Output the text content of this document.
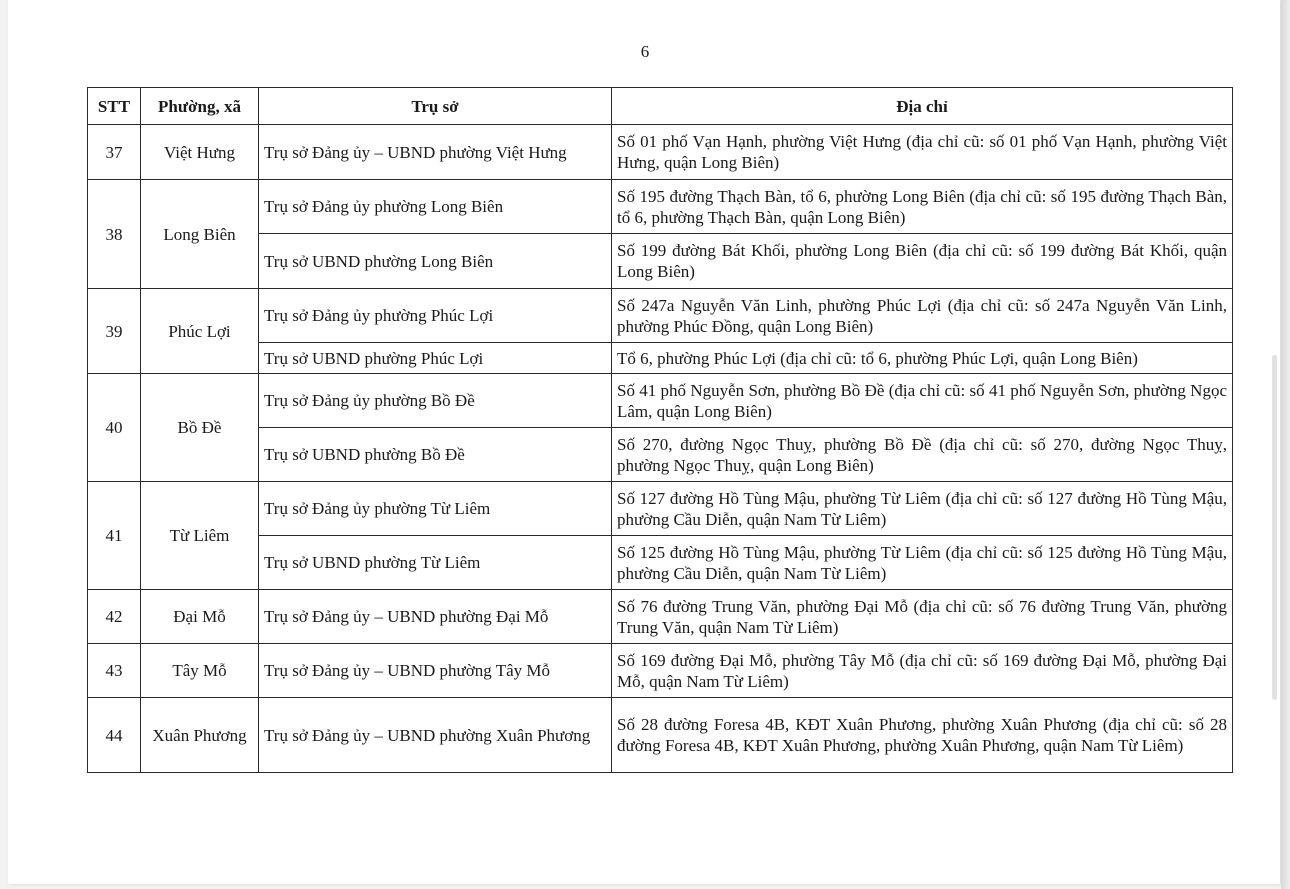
6
STT	Phường, xã	Trụ sở	Địa chỉ
37	Việt Hưng	Trụ sở Đảng ủy – UBND phường Việt Hưng	Số 01 phố Vạn Hạnh, phường Việt Hưng (địa chỉ cũ: số 01 phố Vạn Hạnh, phường Việt Hưng, quận Long Biên)
38	Long Biên	Trụ sở Đảng ủy phường Long Biên	Số 195 đường Thạch Bàn, tổ 6, phường Long Biên (địa chỉ cũ: số 195 đường Thạch Bàn, tổ 6, phường Thạch Bàn, quận Long Biên)
		Trụ sở UBND phường Long Biên	Số 199 đường Bát Khối, phường Long Biên (địa chỉ cũ: số 199 đường Bát Khối, quận Long Biên)
39	Phúc Lợi	Trụ sở Đảng ủy phường Phúc Lợi	Số 247a Nguyễn Văn Linh, phường Phúc Lợi (địa chỉ cũ: số 247a Nguyễn Văn Linh, phường Phúc Đồng, quận Long Biên)
		Trụ sở UBND phường Phúc Lợi	Tổ 6, phường Phúc Lợi (địa chỉ cũ: tổ 6, phường Phúc Lợi, quận Long Biên)
40	Bồ Đề	Trụ sở Đảng ủy phường Bồ Đề	Số 41 phố Nguyễn Sơn, phường Bồ Đề (địa chỉ cũ: số 41 phố Nguyễn Sơn, phường Ngọc Lâm, quận Long Biên)
		Trụ sở UBND phường Bồ Đề	Số 270, đường Ngọc Thuỵ, phường Bồ Đề (địa chỉ cũ: số 270, đường Ngọc Thuỵ, phường Ngọc Thuỵ, quận Long Biên)
41	Từ Liêm	Trụ sở Đảng ủy phường Từ Liêm	Số 127 đường Hồ Tùng Mậu, phường Từ Liêm (địa chỉ cũ: số 127 đường Hồ Tùng Mậu, phường Cầu Diễn, quận Nam Từ Liêm)
		Trụ sở UBND phường Từ Liêm	Số 125 đường Hồ Tùng Mậu, phường Từ Liêm (địa chỉ cũ: số 125 đường Hồ Tùng Mậu, phường Cầu Diễn, quận Nam Từ Liêm)
42	Đại Mỗ	Trụ sở Đảng ủy – UBND phường Đại Mỗ	Số 76 đường Trung Văn, phường Đại Mỗ (địa chỉ cũ: số 76 đường Trung Văn, phường Trung Văn, quận Nam Từ Liêm)
43	Tây Mỗ	Trụ sở Đảng ủy – UBND phường Tây Mỗ	Số 169 đường Đại Mỗ, phường Tây Mỗ (địa chỉ cũ: số 169 đường Đại Mỗ, phường Đại Mỗ, quận Nam Từ Liêm)
44	Xuân Phương	Trụ sở Đảng ủy – UBND phường Xuân Phương	Số 28 đường Foresa 4B, KĐT Xuân Phương, phường Xuân Phương (địa chỉ cũ: số 28 đường Foresa 4B, KĐT Xuân Phương, phường Xuân Phương, quận Nam Từ Liêm)
